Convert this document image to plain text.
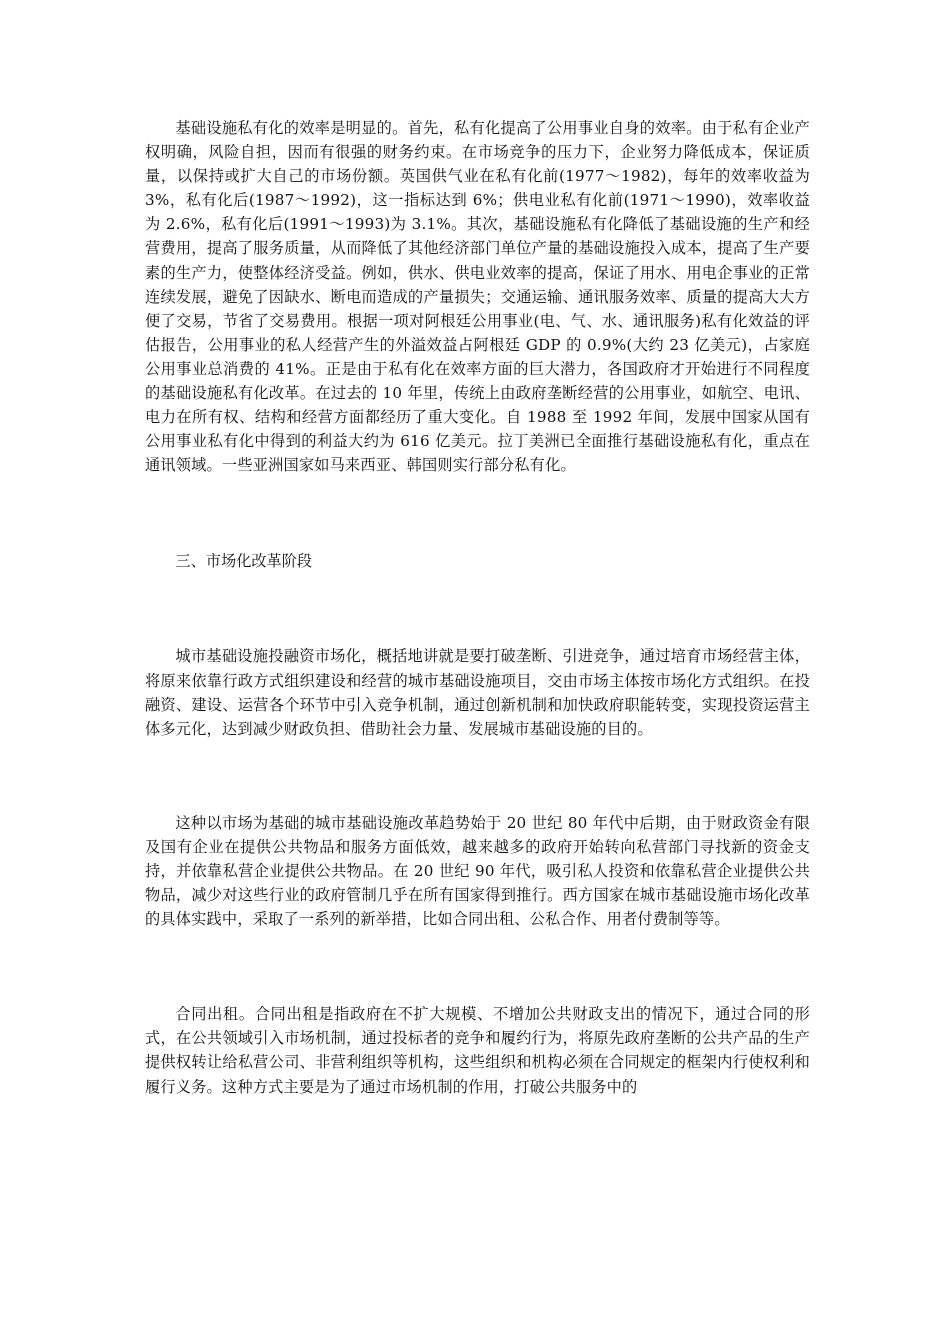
基础设施私有化的效率是明显的。首先，私有化提高了公用事业自身的效率。由于私有企业产权明确，风险自担，因而有很强的财务约束。在市场竞争的压力下，企业努力降低成本，保证质量，以保持或扩大自己的市场份额。英国供气业在私有化前(1977～1982)，每年的效率收益为 3%，私有化后(1987～1992)，这一指标达到 6%；供电业私有化前(1971～1990)，效率收益为 2.6%，私有化后(1991～1993)为 3.1%。其次，基础设施私有化降低了基础设施的生产和经营费用，提高了服务质量，从而降低了其他经济部门单位产量的基础设施投入成本，提高了生产要素的生产力，使整体经济受益。例如，供水、供电业效率的提高，保证了用水、用电企事业的正常连续发展，避免了因缺水、断电而造成的产量损失；交通运输、通讯服务效率、质量的提高大大方便了交易，节省了交易费用。根据一项对阿根廷公用事业(电、气、水、通讯服务)私有化效益的评估报告，公用事业的私人经营产生的外溢效益占阿根廷 GDP 的 0.9%(大约 23 亿美元)，占家庭公用事业总消费的 41%。正是由于私有化在效率方面的巨大潜力，各国政府才开始进行不同程度的基础设施私有化改革。在过去的 10 年里，传统上由政府垄断经营的公用事业，如航空、电讯、电力在所有权、结构和经营方面都经历了重大变化。自 1988 至 1992 年间，发展中国家从国有公用事业私有化中得到的利益大约为 616 亿美元。拉丁美洲已全面推行基础设施私有化，重点在通讯领域。一些亚洲国家如马来西亚、韩国则实行部分私有化。

三、市场化改革阶段

城市基础设施投融资市场化，概括地讲就是要打破垄断、引进竞争，通过培育市场经营主体，将原来依靠行政方式组织建设和经营的城市基础设施项目，交由市场主体按市场化方式组织。在投融资、建设、运营各个环节中引入竞争机制，通过创新机制和加快政府职能转变，实现投资运营主体多元化，达到减少财政负担、借助社会力量、发展城市基础设施的目的。

这种以市场为基础的城市基础设施改革趋势始于 20 世纪 80 年代中后期，由于财政资金有限及国有企业在提供公共物品和服务方面低效，越来越多的政府开始转向私营部门寻找新的资金支持，并依靠私营企业提供公共物品。在 20 世纪 90 年代，吸引私人投资和依靠私营企业提供公共物品，减少对这些行业的政府管制几乎在所有国家得到推行。西方国家在城市基础设施市场化改革的具体实践中，采取了一系列的新举措，比如合同出租、公私合作、用者付费制等等。

合同出租。合同出租是指政府在不扩大规模、不增加公共财政支出的情况下，通过合同的形式，在公共领域引入市场机制，通过投标者的竞争和履约行为，将原先政府垄断的公共产品的生产提供权转让给私营公司、非营利组织等机构，这些组织和机构必须在合同规定的框架内行使权利和履行义务。这种方式主要是为了通过市场机制的作用，打破公共服务中的
